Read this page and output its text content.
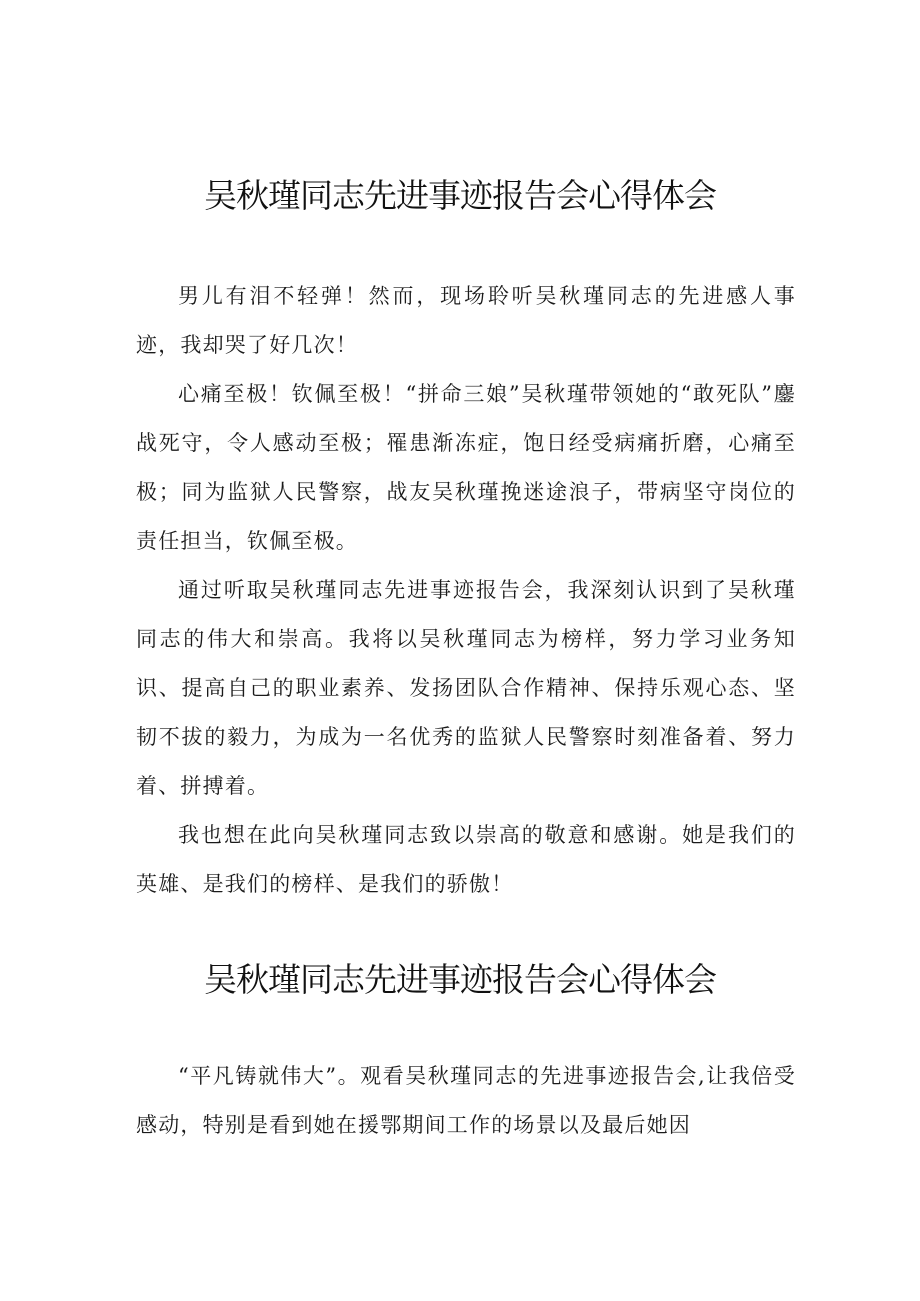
吴秋瑾同志先进事迹报告会心得体会

男儿有泪不轻弹！然而，现场聆听吴秋瑾同志的先进感人事迹，我却哭了好几次！

心痛至极！钦佩至极！“拼命三娘”吴秋瑾带领她的“敢死队”鏖战死守，令人感动至极；罹患渐冻症，饱日经受病痛折磨，心痛至极；同为监狱人民警察，战友吴秋瑾挽迷途浪子，带病坚守岗位的责任担当，钦佩至极。

通过听取吴秋瑾同志先进事迹报告会，我深刻认识到了吴秋瑾同志的伟大和崇高。我将以吴秋瑾同志为榜样，努力学习业务知识、提高自己的职业素养、发扬团队合作精神、保持乐观心态、坚韧不拔的毅力，为成为一名优秀的监狱人民警察时刻准备着、努力着、拼搏着。

我也想在此向吴秋瑾同志致以崇高的敬意和感谢。她是我们的英雄、是我们的榜样、是我们的骄傲！

吴秋瑾同志先进事迹报告会心得体会

“平凡铸就伟大”。观看吴秋瑾同志的先进事迹报告会,让我倍受感动，特别是看到她在援鄂期间工作的场景以及最后她因
